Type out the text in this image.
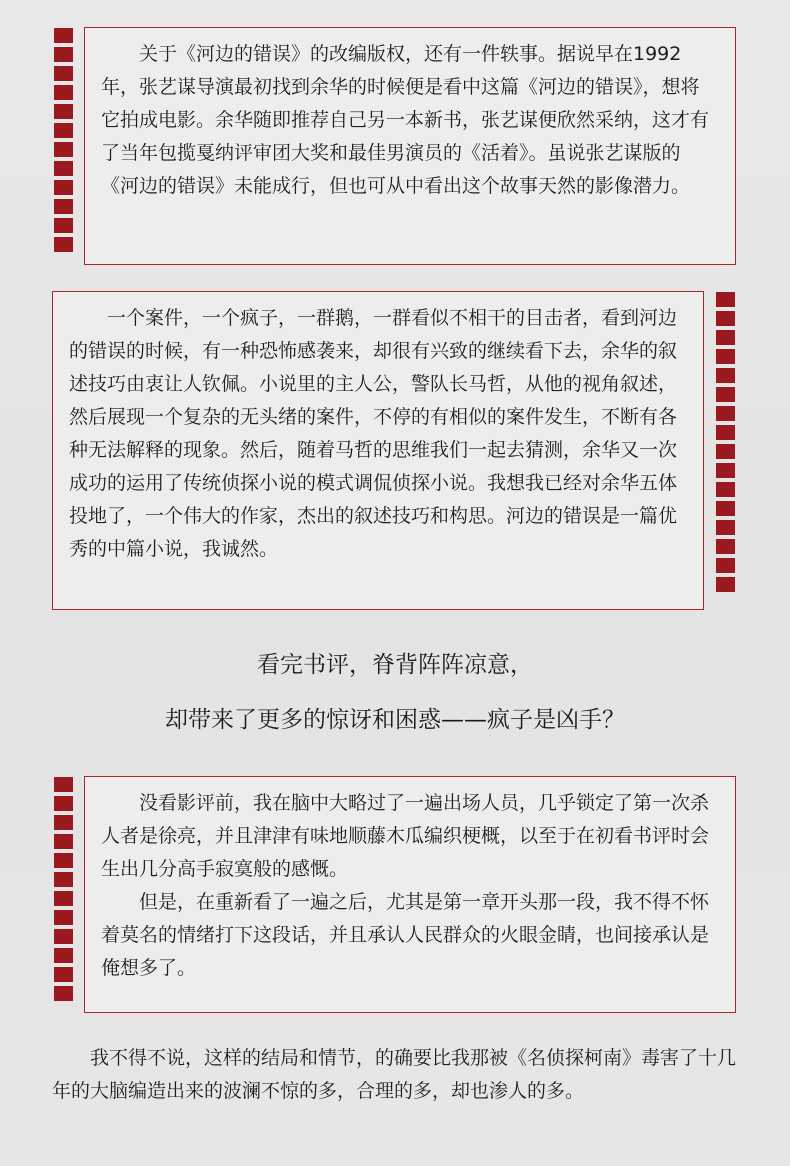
关于《河边的错误》的改编版权，还有一件轶事。据说早在1992年，张艺谋导演最初找到余华的时候便是看中这篇《河边的错误》，想将它拍成电影。余华随即推荐自己另一本新书，张艺谋便欣然采纳，这才有了当年包揽戛纳评审团大奖和最佳男演员的《活着》。虽说张艺谋版的《河边的错误》未能成行，但也可从中看出这个故事天然的影像潜力。

一个案件，一个疯子，一群鹅，一群看似不相干的目击者，看到河边的错误的时候，有一种恐怖感袭来，却很有兴致的继续看下去，余华的叙述技巧由衷让人钦佩。小说里的主人公，警队长马哲，从他的视角叙述，然后展现一个复杂的无头绪的案件，不停的有相似的案件发生，不断有各种无法解释的现象。然后，随着马哲的思维我们一起去猜测，余华又一次成功的运用了传统侦探小说的模式调侃侦探小说。我想我已经对余华五体投地了，一个伟大的作家，杰出的叙述技巧和构思。河边的错误是一篇优秀的中篇小说，我诚然。

看完书评，脊背阵阵凉意，
却带来了更多的惊讶和困惑——疯子是凶手？

没看影评前，我在脑中大略过了一遍出场人员，几乎锁定了第一次杀人者是徐亮，并且津津有味地顺藤木瓜编织梗概，以至于在初看书评时会生出几分高手寂寞般的感慨。

但是，在重新看了一遍之后，尤其是第一章开头那一段，我不得不怀着莫名的情绪打下这段话，并且承认人民群众的火眼金睛，也间接承认是俺想多了。

我不得不说，这样的结局和情节，的确要比我那被《名侦探柯南》毒害了十几年的大脑编造出来的波澜不惊的多，合理的多，却也渗人的多。
